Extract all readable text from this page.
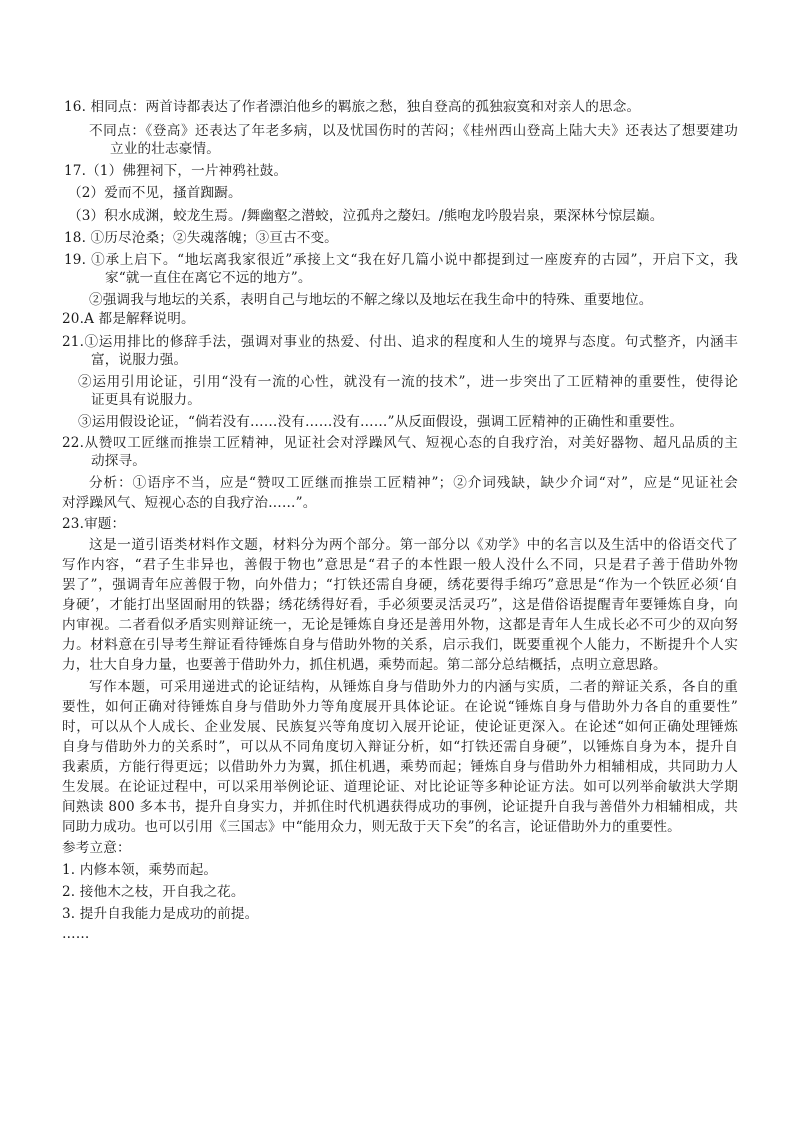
16. 相同点：两首诗都表达了作者漂泊他乡的羁旅之愁，独自登高的孤独寂寞和对亲人的思念。
不同点：《登高》还表达了年老多病，以及忧国伤时的苦闷；《桂州西山登高上陆大夫》还表达了想要建功
立业的壮志豪情。
17.（1）佛狸祠下，一片神鸦社鼓。
（2）爱而不见，搔首踟蹰。
（3）积水成渊，蛟龙生焉。/舞幽壑之潜蛟，泣孤舟之嫠妇。/熊咆龙吟殷岩泉，栗深林兮惊层巅。
18. ①历尽沧桑；②失魂落魄；③亘古不变。
19. ①承上启下。“地坛离我家很近”承接上文“我在好几篇小说中都提到过一座废弃的古园”，开启下文，我
家“就一直住在离它不远的地方”。
②强调我与地坛的关系，表明自己与地坛的不解之缘以及地坛在我生命中的特殊、重要地位。
20.A 都是解释说明。
21.①运用排比的修辞手法，强调对事业的热爱、付出、追求的程度和人生的境界与态度。句式整齐，内涵丰
富，说服力强。
②运用引用论证，引用“没有一流的心性，就没有一流的技术”，进一步突出了工匠精神的重要性，使得论
证更具有说服力。
③运用假设论证，“倘若没有……没有……没有……”从反面假设，强调工匠精神的正确性和重要性。
22.从赞叹工匠继而推崇工匠精神，见证社会对浮躁风气、短视心态的自我疗治，对美好器物、超凡品质的主
动探寻。
分析：①语序不当，应是“赞叹工匠继而推崇工匠精神”；②介词残缺，缺少介词“对”，应是“见证社会
对浮躁风气、短视心态的自我疗治……”。
23.审题：
这是一道引语类材料作文题，材料分为两个部分。第一部分以《劝学》中的名言以及生活中的俗语交代了
写作内容，“君子生非异也，善假于物也”意思是“君子的本性跟一般人没什么不同，只是君子善于借助外物
罢了”，强调青年应善假于物，向外借力；“打铁还需自身硬，绣花要得手绵巧”意思是“作为一个铁匠必须‘自
身硬’，才能打出坚固耐用的铁器；绣花绣得好看，手必须要灵活灵巧”，这是借俗语提醒青年要锤炼自身，向
内审视。二者看似矛盾实则辩证统一，无论是锤炼自身还是善用外物，这都是青年人生成长必不可少的双向努
力。材料意在引导考生辩证看待锤炼自身与借助外物的关系，启示我们，既要重视个人能力，不断提升个人实
力，壮大自身力量，也要善于借助外力，抓住机遇，乘势而起。第二部分总结概括，点明立意思路。
写作本题，可采用递进式的论证结构，从锤炼自身与借助外力的内涵与实质，二者的辩证关系，各自的重
要性，如何正确对待锤炼自身与借助外力等角度展开具体论证。在论说“锤炼自身与借助外力各自的重要性”
时，可以从个人成长、企业发展、民族复兴等角度切入展开论证，使论证更深入。在论述“如何正确处理锤炼
自身与借助外力的关系时”，可以从不同角度切入辩证分析，如“打铁还需自身硬”，以锤炼自身为本，提升自
我素质，方能行得更远；以借助外力为翼，抓住机遇，乘势而起；锤炼自身与借助外力相辅相成，共同助力人
生发展。在论证过程中，可以采用举例论证、道理论证、对比论证等多种论证方法。如可以列举俞敏洪大学期
间熟读 800 多本书，提升自身实力，并抓住时代机遇获得成功的事例，论证提升自我与善借外力相辅相成，共
同助力成功。也可以引用《三国志》中“能用众力，则无敌于天下矣”的名言，论证借助外力的重要性。
参考立意：
1. 内修本领，乘势而起。
2. 接他木之枝，开自我之花。
3. 提升自我能力是成功的前提。
……
